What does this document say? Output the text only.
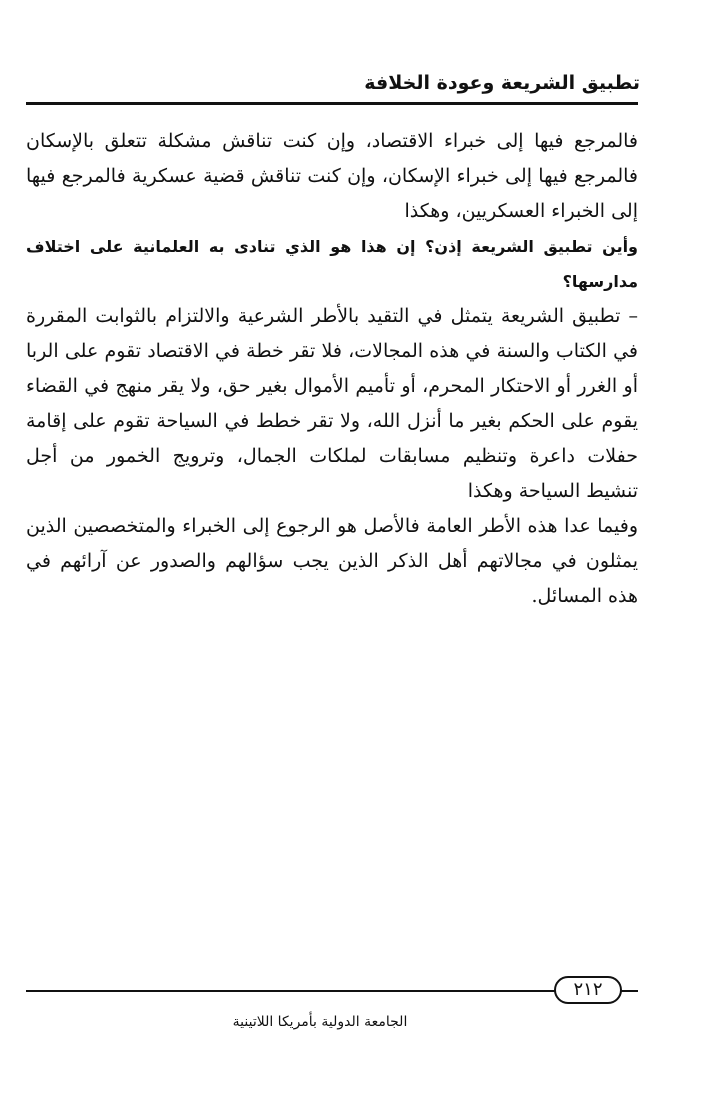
تطبيق الشريعة وعودة الخلافة

فالمرجع فيها إلى خبراء الاقتصاد، وإن كنت تناقش مشكلة تتعلق بالإسكان فالمرجع فيها إلى خبراء الإسكان، وإن كنت تناقش قضية عسكرية فالمرجع فيها إلى الخبراء العسكريين، وهكذا

وأين تطبيق الشريعة إذن؟ إن هذا هو الذي تنادى به العلمانية على اختلاف مدارسها؟

– تطبيق الشريعة يتمثل في التقيد بالأطر الشرعية والالتزام بالثوابت المقررة في الكتاب والسنة في هذه المجالات، فلا تقر خطة في الاقتصاد تقوم على الربا أو الغرر أو الاحتكار المحرم، أو تأميم الأموال بغير حق، ولا يقر منهج في القضاء يقوم على الحكم بغير ما أنزل الله، ولا تقر خطط في السياحة تقوم على إقامة حفلات داعرة وتنظيم مسابقات لملكات الجمال، وترويج الخمور من أجل تنشيط السياحة وهكذا

وفيما عدا هذه الأطر العامة فالأصل هو الرجوع إلى الخبراء والمتخصصين الذين يمثلون في مجالاتهم أهل الذكر الذين يجب سؤالهم والصدور عن آرائهم في هذه المسائل.

٢١٢
الجامعة الدولية بأمريكا اللاتينية
